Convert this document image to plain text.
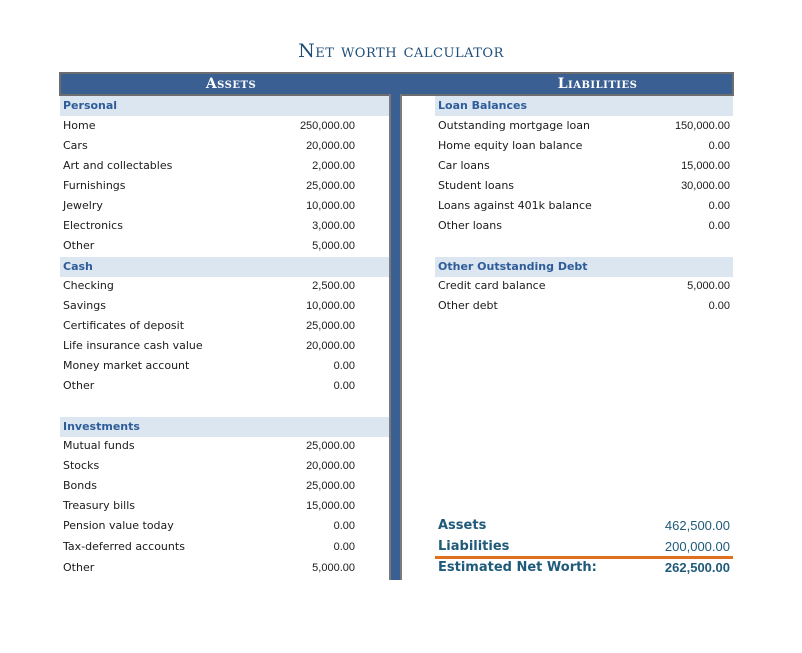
Net worth calculator
Assets	Liabilities
Personal
Home	250,000.00
Cars	20,000.00
Art and collectables	2,000.00
Furnishings	25,000.00
Jewelry	10,000.00
Electronics	3,000.00
Other	5,000.00
Cash
Checking	2,500.00
Savings	10,000.00
Certificates of deposit	25,000.00
Life insurance cash value	20,000.00
Money market account	0.00
Other	0.00
Investments
Mutual funds	25,000.00
Stocks	20,000.00
Bonds	25,000.00
Treasury bills	15,000.00
Pension value today	0.00
Tax-deferred accounts	0.00
Other	5,000.00
Loan Balances
Outstanding mortgage loan	150,000.00
Home equity loan balance	0.00
Car loans	15,000.00
Student loans	30,000.00
Loans against 401k balance	0.00
Other loans	0.00
Other Outstanding Debt
Credit card balance	5,000.00
Other debt	0.00
Assets	462,500.00
Liabilities	200,000.00
Estimated Net Worth:	262,500.00
